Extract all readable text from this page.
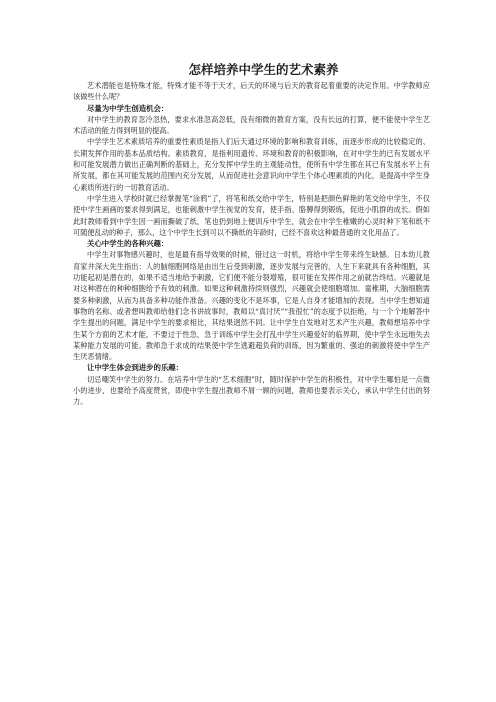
怎样培养中学生的艺术素养

艺术潜能也是特殊才能，特殊才能不等于天才，后天的环境与后天的教育起着重要的决定作用。中学教师应该做些什么呢？

尽量为中学生创造机会：

对中学生的教育忽冷忽热，要求水准忽高忽低，没有细微的教育方案，没有长远的打算，便不能使中学生艺术活动的能力得到明显的提高。

中学学生艺术素质培养的重要性素质是指人们后天通过环境的影响和教育训练，而逐步形成的比较稳定的、长期发挥作用的基本品质结构。素质教育，是指利用遗传、环境和教育的积极影响，在对中学生的已有发展水平和可能发展潜力做出正确判断的基础上，充分发挥中学生的主观能动性，使所有中学生都在其已有发展水平上有所发展，都在其可能发展的范围内充分发展，从而促进社会意识向中学生个体心理素质的内化，是提高中学生身心素质所进行的一切教育活动。

中学生进入学校时就已经掌握笔“涂鸦”了，将笔和纸交给中学生，特别是把颜色鲜艳的笔交给中学生，不仅使中学生画画的要求得到满足，也能刺激中学生视觉的发育，使手指、胳膊得到锻炼，促进小肌群的成长。假如此时教师看到中学生因一画而撕破了纸，笔也扔到地上便训斥中学生，就会在中学生稚嫩的心灵时种下笔和纸不可随便乱动的种子，那么，这个中学生长到可以不撕纸的年龄时，已经不喜欢这种最普通的文化用品了。

关心中学生的各种兴趣：

中学生对事物感兴趣时，也是最有指导效果的时候，错过这一时机，将给中学生带来终生缺憾。日本幼儿教育家井深大先生指出：人的脑细胞网络是由出生后受到刺激，逐步发展与完善的，人生下来就具有各种细胞，其功能起初是潜在的，如果不适当地给予刺激，它们便不能分裂增殖，很可能在发挥作用之前就告终结。兴趣就是对这种潜在的种种细胞给予有效的刺激。如果这种刺激持续则强烈，兴趣就会使细胞增加。童稚期，大脑细胞需要多种刺激，从而为具备多种功能作准备。兴趣的变化不是坏事，它是人自身才能增加的表现。当中学生想知道事物的名称、或者想叫教师给他们念书讲故事时，教师以“真讨厌”“我很忙”的态度予以拒绝，与一个个地解答中学生提出的问题，满足中学生的要求相比，其结果迥然不同。让中学生自发地对艺术产生兴趣，教师想培养中学生某个方面的艺术才能，不要过于性急，急于训练中学生会打乱中学生兴趣爱好的临界期，使中学生永远地失去某种能力发展的可能。教师急于求成的结果使中学生逃避超负荷的训练，因为繁重的、强迫的刺激将使中学生产生厌恶情绪。

让中学生体会到进步的乐趣：

切忌嘲笑中学生的努力。在培养中学生的“艺术细胞”时，随时保护中学生的积极性，对中学生哪怕是一点微小的进步，也要给予高度赞赏，即使中学生提出教师不屑一顾的问题，教师也要表示关心，承认中学生付出的努力。
